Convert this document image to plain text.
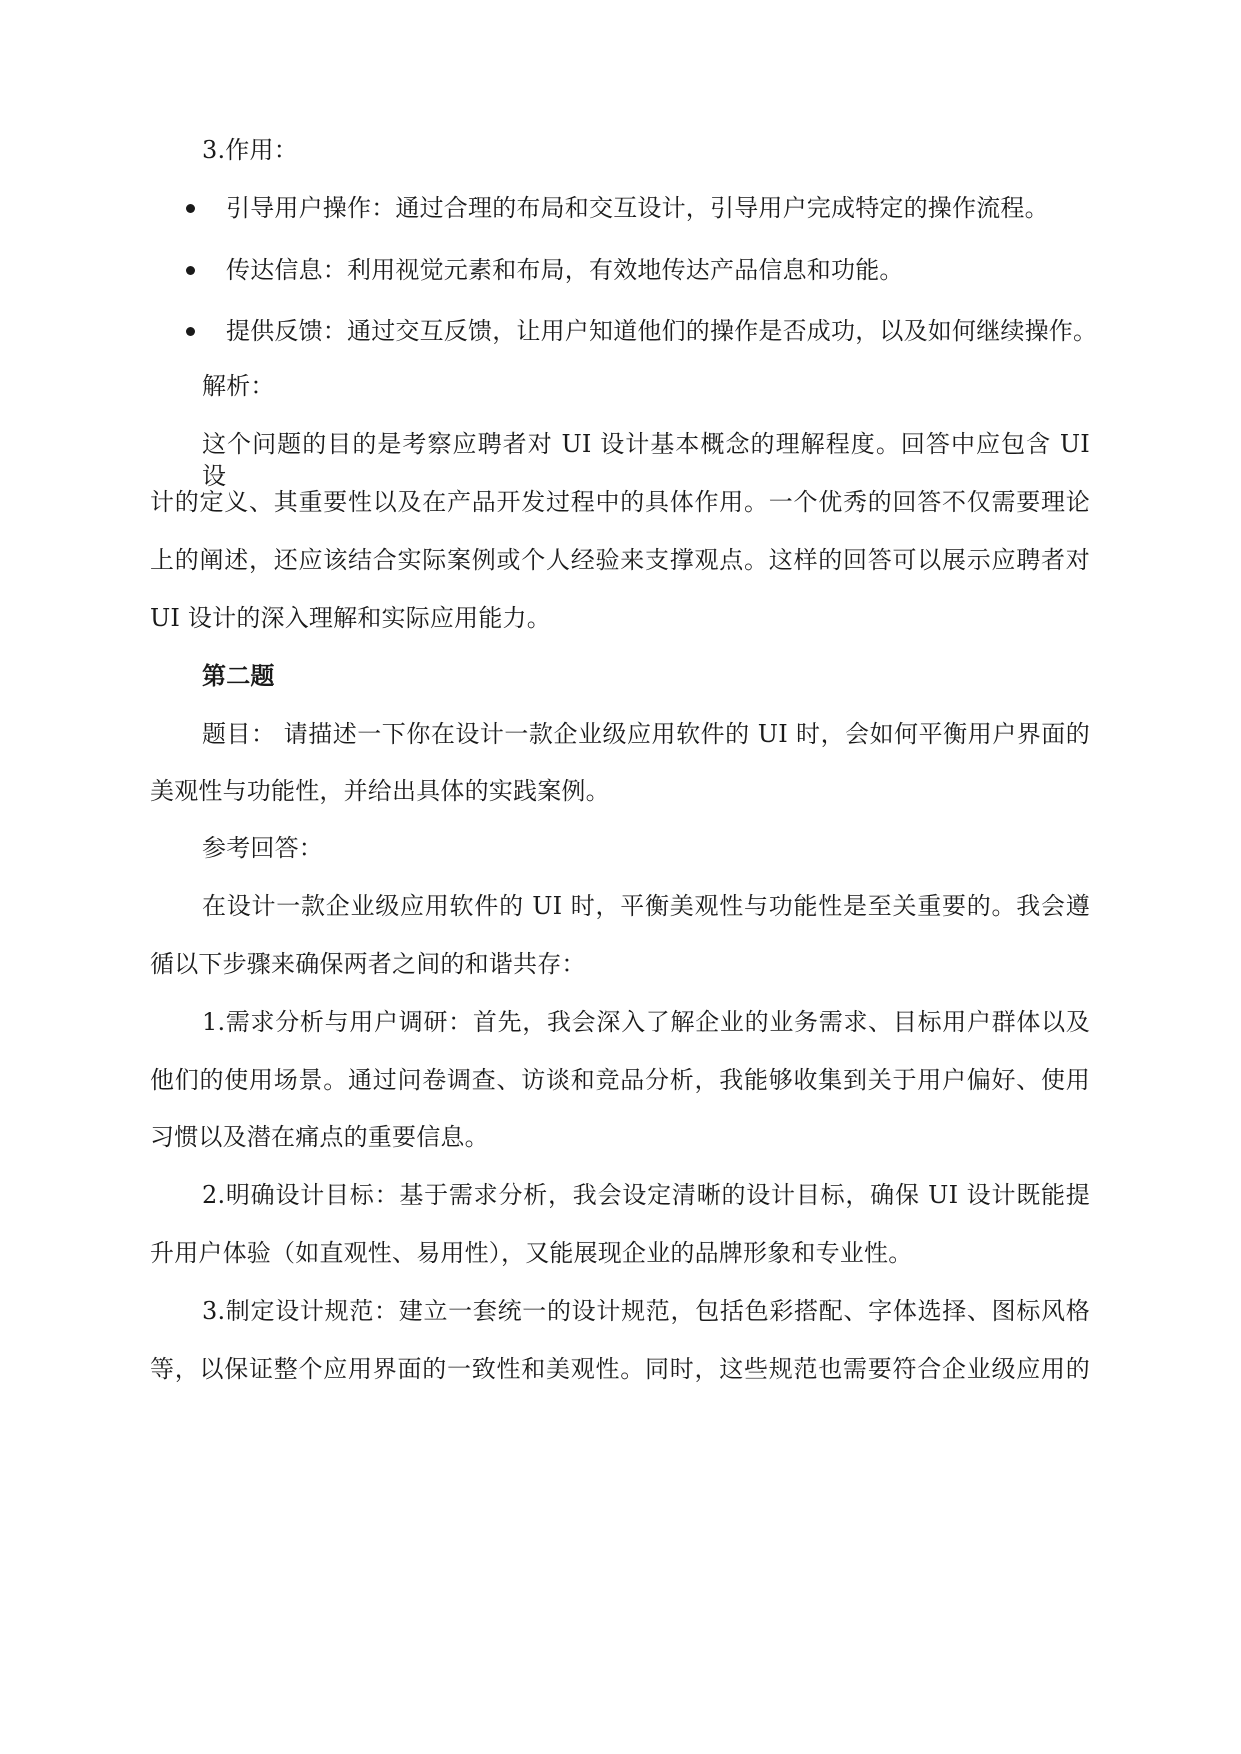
3.作用：
引导用户操作：通过合理的布局和交互设计，引导用户完成特定的操作流程。
传达信息：利用视觉元素和布局，有效地传达产品信息和功能。
提供反馈：通过交互反馈，让用户知道他们的操作是否成功，以及如何继续操作。
解析：
这个问题的目的是考察应聘者对 UI 设计基本概念的理解程度。回答中应包含 UI 设
计的定义、其重要性以及在产品开发过程中的具体作用。一个优秀的回答不仅需要理论
上的阐述，还应该结合实际案例或个人经验来支撑观点。这样的回答可以展示应聘者对
UI 设计的深入理解和实际应用能力。
第二题
题目： 请描述一下你在设计一款企业级应用软件的 UI 时，会如何平衡用户界面的
美观性与功能性，并给出具体的实践案例。
参考回答：
在设计一款企业级应用软件的 UI 时，平衡美观性与功能性是至关重要的。我会遵
循以下步骤来确保两者之间的和谐共存：
1.需求分析与用户调研：首先，我会深入了解企业的业务需求、目标用户群体以及
他们的使用场景。通过问卷调查、访谈和竞品分析，我能够收集到关于用户偏好、使用
习惯以及潜在痛点的重要信息。
2.明确设计目标：基于需求分析，我会设定清晰的设计目标，确保 UI 设计既能提
升用户体验（如直观性、易用性），又能展现企业的品牌形象和专业性。
3.制定设计规范：建立一套统一的设计规范，包括色彩搭配、字体选择、图标风格
等，以保证整个应用界面的一致性和美观性。同时，这些规范也需要符合企业级应用的
